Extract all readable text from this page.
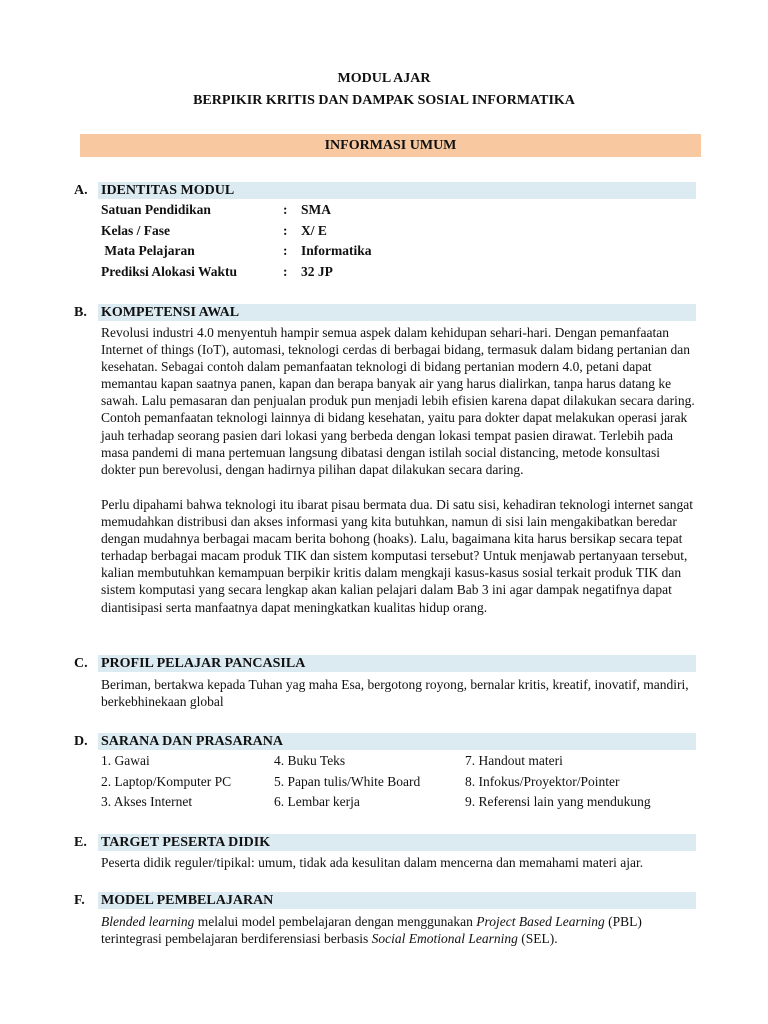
MODUL AJAR
BERPIKIR KRITIS DAN DAMPAK SOSIAL INFORMATIKA
INFORMASI UMUM
A. IDENTITAS MODUL
Satuan Pendidikan	: SMA
Kelas / Fase	: X/ E
Mata Pelajaran	: Informatika
Prediksi Alokasi Waktu	: 32 JP
B. KOMPETENSI AWAL
Revolusi industri 4.0 menyentuh hampir semua aspek dalam kehidupan sehari-hari. Dengan pemanfaatan Internet of things (IoT), automasi, teknologi cerdas di berbagai bidang, termasuk dalam bidang pertanian dan kesehatan. Sebagai contoh dalam pemanfaatan teknologi di bidang pertanian modern 4.0, petani dapat memantau kapan saatnya panen, kapan dan berapa banyak air yang harus dialirkan, tanpa harus datang ke sawah. Lalu pemasaran dan penjualan produk pun menjadi lebih efisien karena dapat dilakukan secara daring. Contoh pemanfaatan teknologi lainnya di bidang kesehatan, yaitu para dokter dapat melakukan operasi jarak jauh terhadap seorang pasien dari lokasi yang berbeda dengan lokasi tempat pasien dirawat. Terlebih pada masa pandemi di mana pertemuan langsung dibatasi dengan istilah social distancing, metode konsultasi dokter pun berevolusi, dengan hadirnya pilihan dapat dilakukan secara daring.
Perlu dipahami bahwa teknologi itu ibarat pisau bermata dua. Di satu sisi, kehadiran teknologi internet sangat memudahkan distribusi dan akses informasi yang kita butuhkan, namun di sisi lain mengakibatkan beredar dengan mudahnya berbagai macam berita bohong (hoaks). Lalu, bagaimana kita harus bersikap secara tepat terhadap berbagai macam produk TIK dan sistem komputasi tersebut? Untuk menjawab pertanyaan tersebut, kalian membutuhkan kemampuan berpikir kritis dalam mengkaji kasus-kasus sosial terkait produk TIK dan sistem komputasi yang secara lengkap akan kalian pelajari dalam Bab 3 ini agar dampak negatifnya dapat diantisipasi serta manfaatnya dapat meningkatkan kualitas hidup orang.
C. PROFIL PELAJAR PANCASILA
Beriman, bertakwa kepada Tuhan yag maha Esa, bergotong royong, bernalar kritis, kreatif, inovatif, mandiri, berkebhinekaan global
D. SARANA DAN PRASARANA
1. Gawai	4. Buku Teks	7. Handout materi
2. Laptop/Komputer PC	5. Papan tulis/White Board	8. Infokus/Proyektor/Pointer
3. Akses Internet	6. Lembar kerja	9. Referensi lain yang mendukung
E. TARGET PESERTA DIDIK
Peserta didik reguler/tipikal: umum, tidak ada kesulitan dalam mencerna dan memahami materi ajar.
F. MODEL PEMBELAJARAN
Blended learning melalui model pembelajaran dengan menggunakan Project Based Learning (PBL) terintegrasi pembelajaran berdiferensiasi berbasis Social Emotional Learning (SEL).
